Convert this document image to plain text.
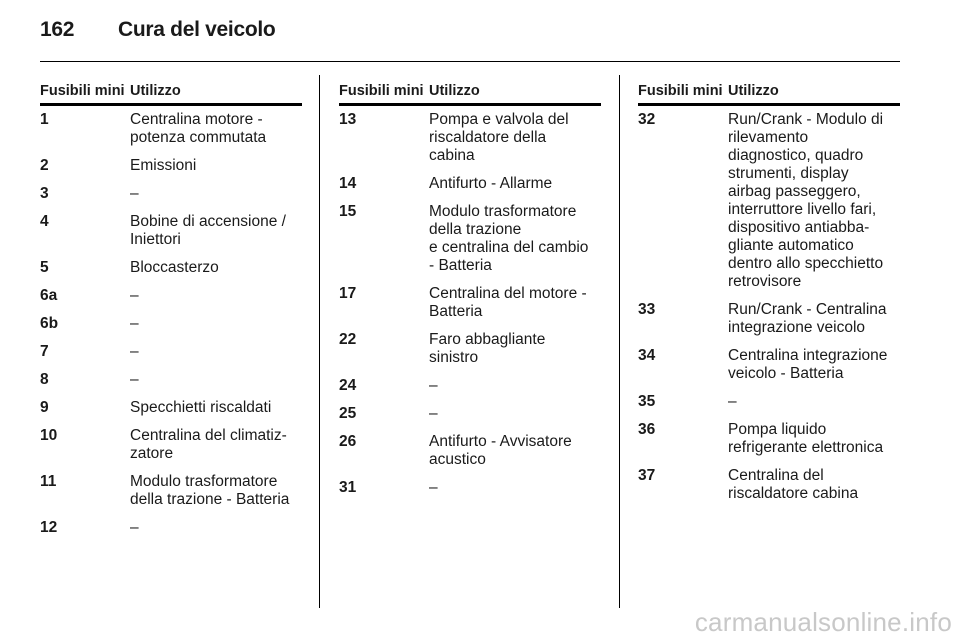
162 Cura del veicolo
Fusibili mini Utilizzo
1	Centralina motore -
potenza commutata
2	Emissioni
3	–
4	Bobine di accensione /
Iniettori
5	Bloccasterzo
6a	–
6b	–
7	–
8	–
9	Specchietti riscaldati
10	Centralina del climatiz-
zatore
11	Modulo trasformatore
della trazione - Batteria
12	–
Fusibili mini Utilizzo
13	Pompa e valvola del
riscaldatore della
cabina
14	Antifurto - Allarme
15	Modulo trasformatore
della trazione
e centralina del cambio
- Batteria
17	Centralina del motore -
Batteria
22	Faro abbagliante
sinistro
24	–
25	–
26	Antifurto - Avvisatore
acustico
31	–
Fusibili mini Utilizzo
32	Run/Crank - Modulo di
rilevamento
diagnostico, quadro
strumenti, display
airbag passeggero,
interruttore livello fari,
dispositivo antiabba-
gliante automatico
dentro allo specchietto
retrovisore
33	Run/Crank - Centralina
integrazione veicolo
34	Centralina integrazione
veicolo - Batteria
35	–
36	Pompa liquido
refrigerante elettronica
37	Centralina del
riscaldatore cabina
carmanualsonline.info
